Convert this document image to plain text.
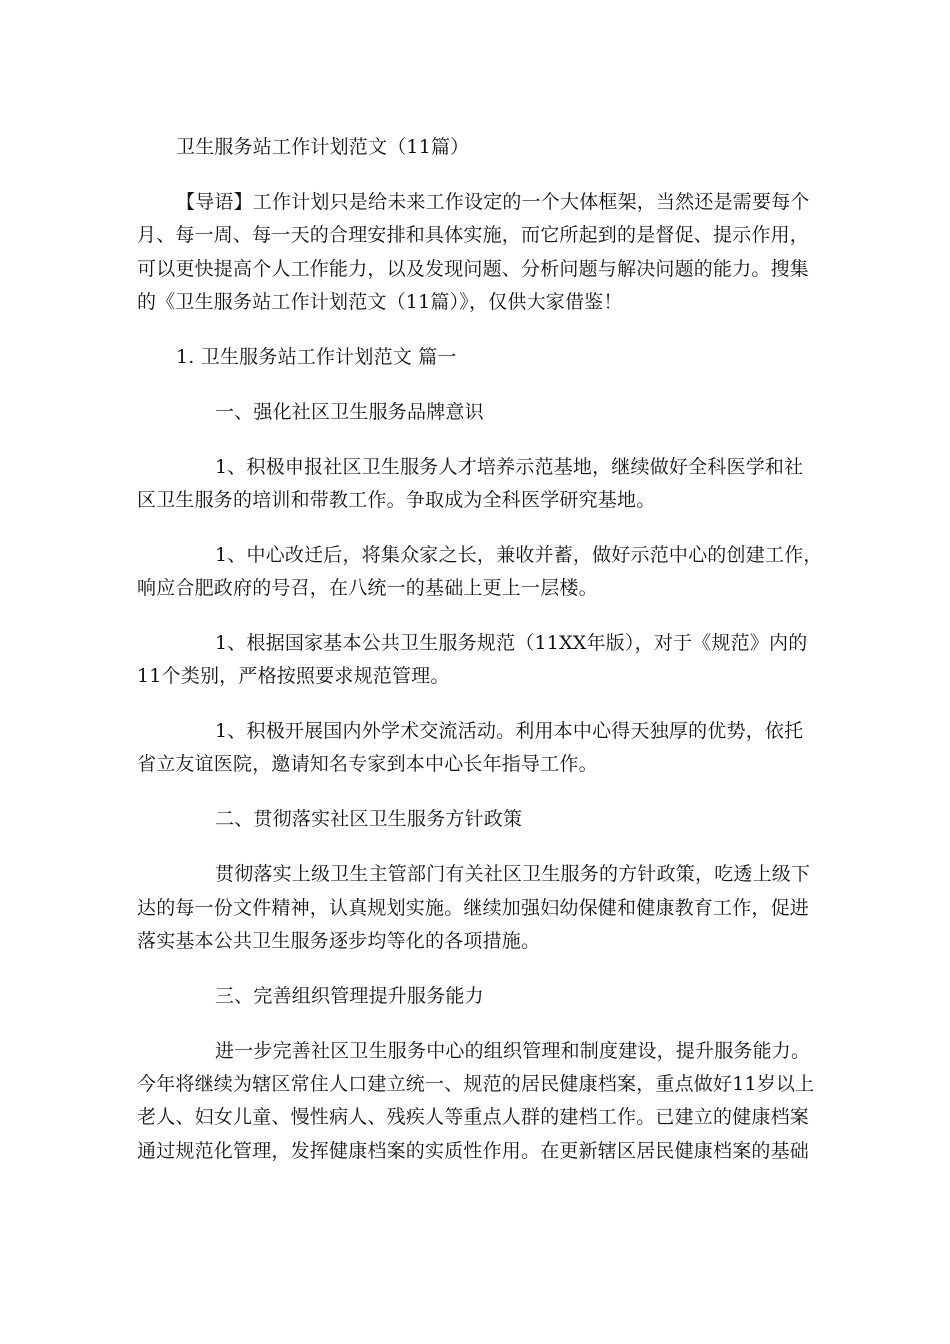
卫生服务站工作计划范文（11篇）
【导语】工作计划只是给未来工作设定的一个大体框架，当然还是需要每个
月、每一周、每一天的合理安排和具体实施，而它所起到的是督促、提示作用，
可以更快提高个人工作能力，以及发现问题、分析问题与解决问题的能力。搜集
的《卫生服务站工作计划范文（11篇）》，仅供大家借鉴！
1. 卫生服务站工作计划范文 篇一
一、强化社区卫生服务品牌意识
1、积极申报社区卫生服务人才培养示范基地，继续做好全科医学和社
区卫生服务的培训和带教工作。争取成为全科医学研究基地。
1、中心改迁后，将集众家之长，兼收并蓄，做好示范中心的创建工作，
响应合肥政府的号召，在八统一的基础上更上一层楼。
1、根据国家基本公共卫生服务规范（11XX年版），对于《规范》内的
11个类别，严格按照要求规范管理。
1、积极开展国内外学术交流活动。利用本中心得天独厚的优势，依托
省立友谊医院，邀请知名专家到本中心长年指导工作。
二、贯彻落实社区卫生服务方针政策
贯彻落实上级卫生主管部门有关社区卫生服务的方针政策，吃透上级下
达的每一份文件精神，认真规划实施。继续加强妇幼保健和健康教育工作，促进
落实基本公共卫生服务逐步均等化的各项措施。
三、完善组织管理提升服务能力
进一步完善社区卫生服务中心的组织管理和制度建设，提升服务能力。
今年将继续为辖区常住人口建立统一、规范的居民健康档案，重点做好11岁以上
老人、妇女儿童、慢性病人、残疾人等重点人群的建档工作。已建立的健康档案
通过规范化管理，发挥健康档案的实质性作用。在更新辖区居民健康档案的基础
